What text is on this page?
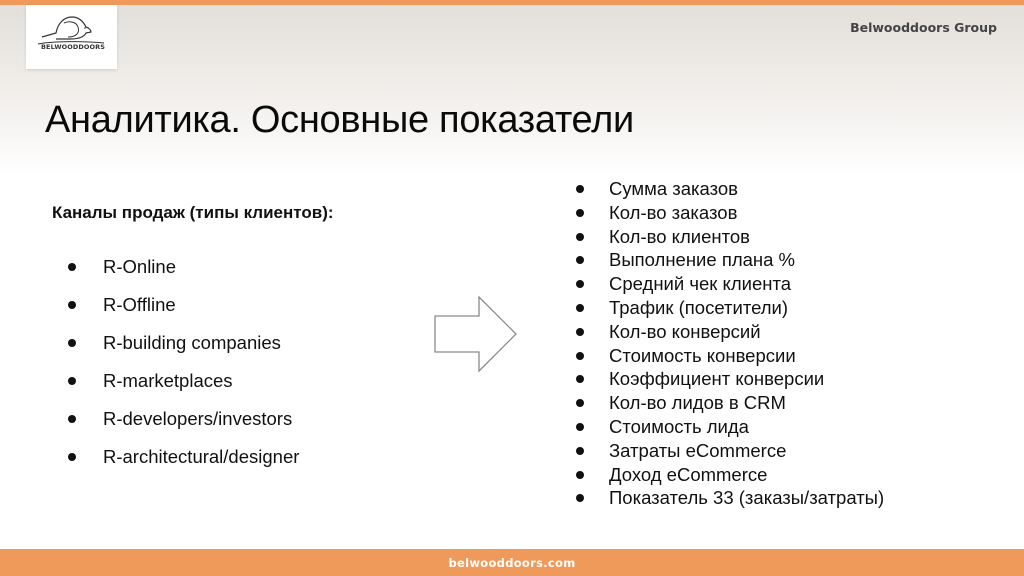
BELWOODDOORS
Belwooddoors Group
Аналитика. Основные показатели
Каналы продаж (типы клиентов):
R-Online
R-Offline
R-building companies
R-marketplaces
R-developers/investors
R-architectural/designer
Сумма заказов
Кол-во заказов
Кол-во клиентов
Выполнение плана %
Средний чек клиента
Трафик (посетители)
Кол-во конверсий
Стоимость конверсии
Коэффициент конверсии
Кол-во лидов в CRM
Стоимость лида
Затраты eCommerce
Доход eCommerce
Показатель 33 (заказы/затраты)
belwooddoors.com
